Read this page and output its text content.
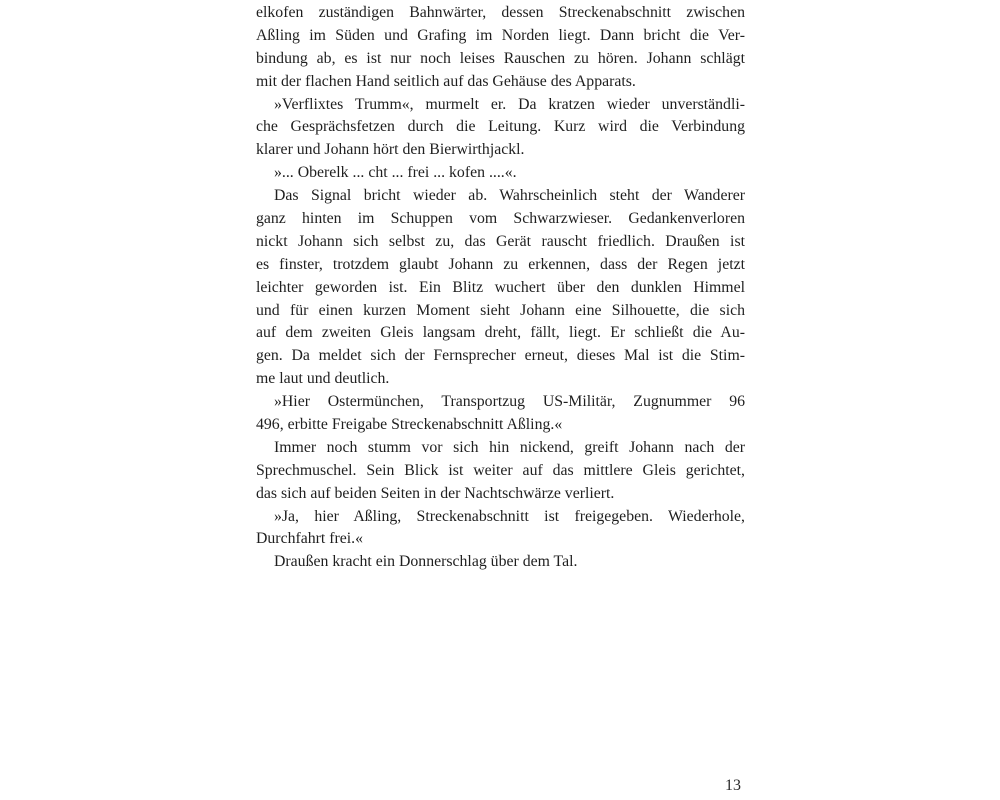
elkofen zuständigen Bahnwärter, dessen Streckenabschnitt zwischen
Aßling im Süden und Grafing im Norden liegt. Dann bricht die Ver-
bindung ab, es ist nur noch leises Rauschen zu hören. Johann schlägt
mit der flachen Hand seitlich auf das Gehäuse des Apparats.
»Verflixtes Trumm«, murmelt er. Da kratzen wieder unverständli-
che Gesprächsfetzen durch die Leitung. Kurz wird die Verbindung
klarer und Johann hört den Bierwirthjackl.
»... Oberelk ... cht ... frei ... kofen ....«.
Das Signal bricht wieder ab. Wahrscheinlich steht der Wanderer
ganz hinten im Schuppen vom Schwarzwieser. Gedankenverloren
nickt Johann sich selbst zu, das Gerät rauscht friedlich. Draußen ist
es finster, trotzdem glaubt Johann zu erkennen, dass der Regen jetzt
leichter geworden ist. Ein Blitz wuchert über den dunklen Himmel
und für einen kurzen Moment sieht Johann eine Silhouette, die sich
auf dem zweiten Gleis langsam dreht, fällt, liegt. Er schließt die Au-
gen. Da meldet sich der Fernsprecher erneut, dieses Mal ist die Stim-
me laut und deutlich.
»Hier Ostermünchen, Transportzug US-Militär, Zugnummer 96
496, erbitte Freigabe Streckenabschnitt Aßling.«
Immer noch stumm vor sich hin nickend, greift Johann nach der
Sprechmuschel. Sein Blick ist weiter auf das mittlere Gleis gerichtet,
das sich auf beiden Seiten in der Nachtschwärze verliert.
»Ja, hier Aßling, Streckenabschnitt ist freigegeben. Wiederhole,
Durchfahrt frei.«
Draußen kracht ein Donnerschlag über dem Tal.
13
